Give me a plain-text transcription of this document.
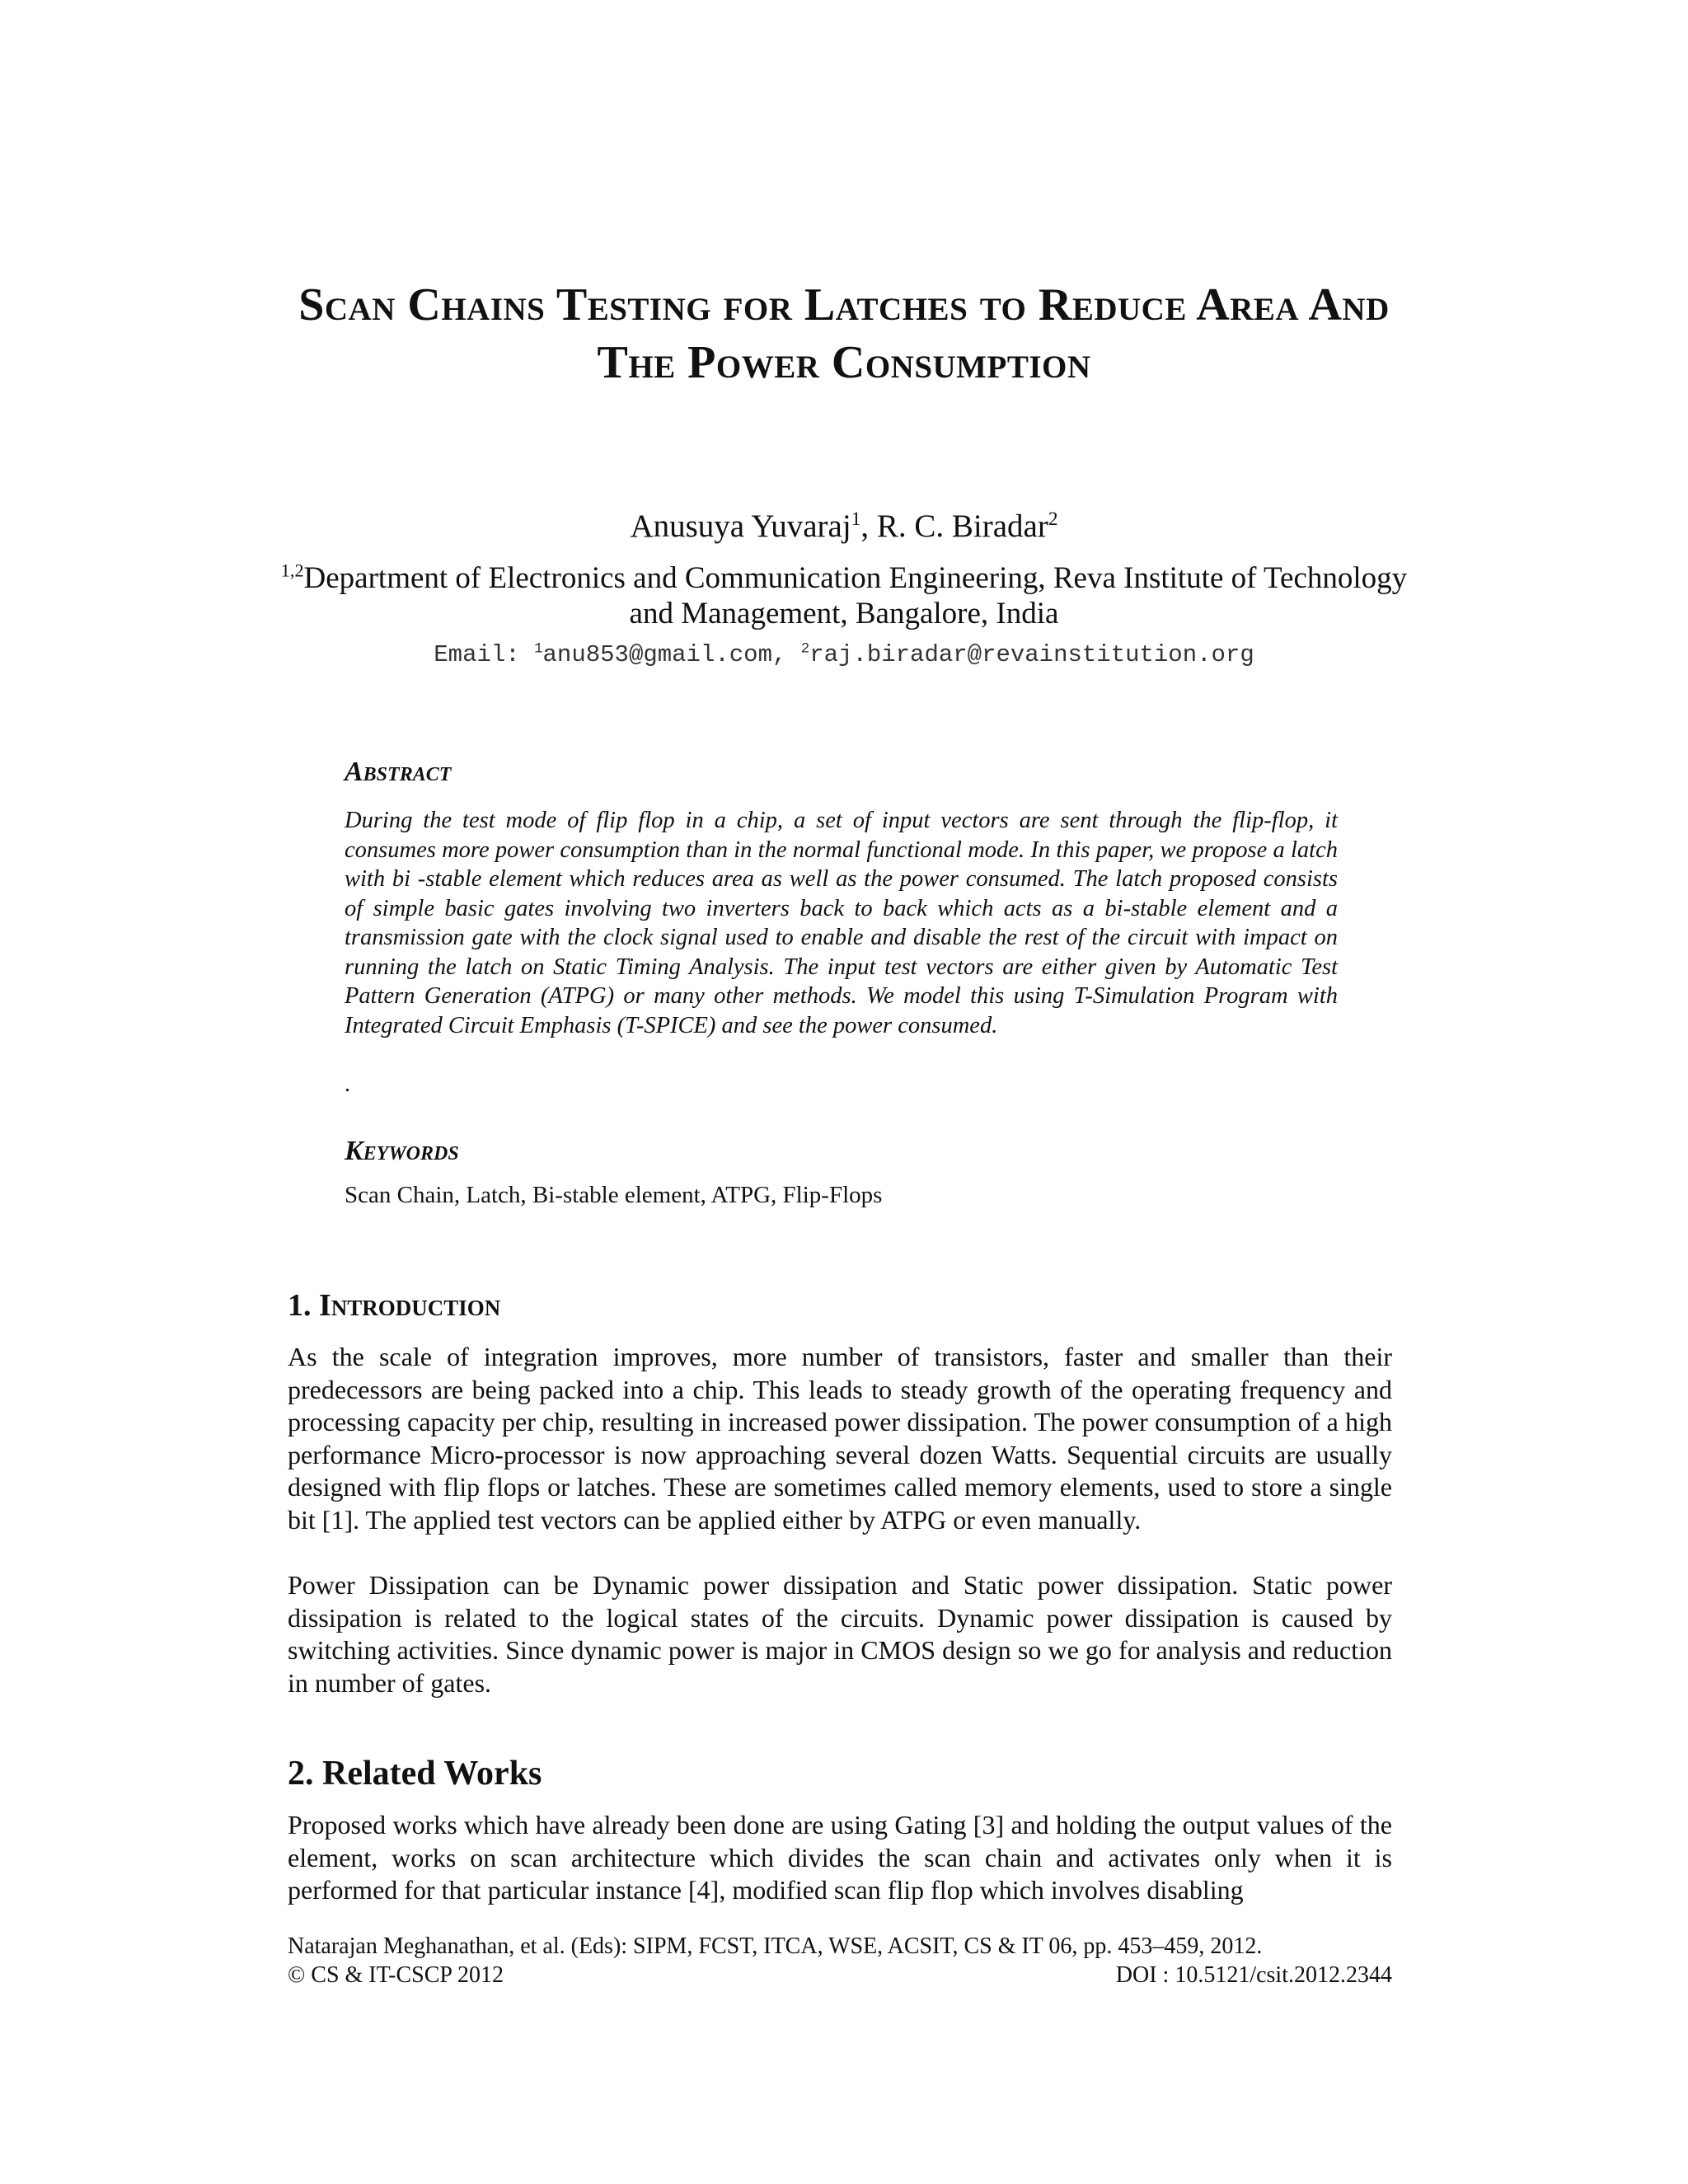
Scan Chains Testing for Latches to Reduce Area And The Power Consumption
Anusuya Yuvaraj$^1$, R. C. Biradar$^2$
$^{1,2}$Department of Electronics and Communication Engineering, Reva Institute of Technology and Management, Bangalore, India
Email: $^1$anu853@gmail.com, $^2$raj.biradar@revainstitution.org
Abstract

During the test mode of flip flop in a chip, a set of input vectors are sent through the flip-flop, it consumes more power consumption than in the normal functional mode. In this paper, we propose a latch with bi -stable element which reduces area as well as the power consumed. The latch proposed consists of simple basic gates involving two inverters back to back which acts as a bi-stable element and a transmission gate with the clock signal used to enable and disable the rest of the circuit with impact on running the latch on Static Timing Analysis. The input test vectors are either given by Automatic Test Pattern Generation (ATPG) or many other methods. We model this using T-Simulation Program with Integrated Circuit Emphasis (T-SPICE) and see the power consumed.

.
Keywords
Scan Chain, Latch, Bi-stable element, ATPG, Flip-Flops
1. Introduction

As the scale of integration improves, more number of transistors, faster and smaller than their predecessors are being packed into a chip. This leads to steady growth of the operating frequency and processing capacity per chip, resulting in increased power dissipation. The power consumption of a high performance Micro-processor is now approaching several dozen Watts. Sequential circuits are usually designed with flip flops or latches. These are sometimes called memory elements, used to store a single bit [1]. The applied test vectors can be applied either by ATPG or even manually.

Power Dissipation can be Dynamic power dissipation and Static power dissipation. Static power dissipation is related to the logical states of the circuits. Dynamic power dissipation is caused by switching activities. Since dynamic power is major in CMOS design so we go for analysis and reduction in number of gates.

2. Related Works

Proposed works which have already been done are using Gating [3] and holding the output values of the element, works on scan architecture which divides the scan chain and activates only when it is performed for that particular instance [4], modified scan flip flop which involves disabling

Natarajan Meghanathan, et al. (Eds): SIPM, FCST, ITCA, WSE, ACSIT, CS & IT 06, pp. 453–459, 2012.
© CS & IT-CSCP 2012	DOI : 10.5121/csit.2012.2344
